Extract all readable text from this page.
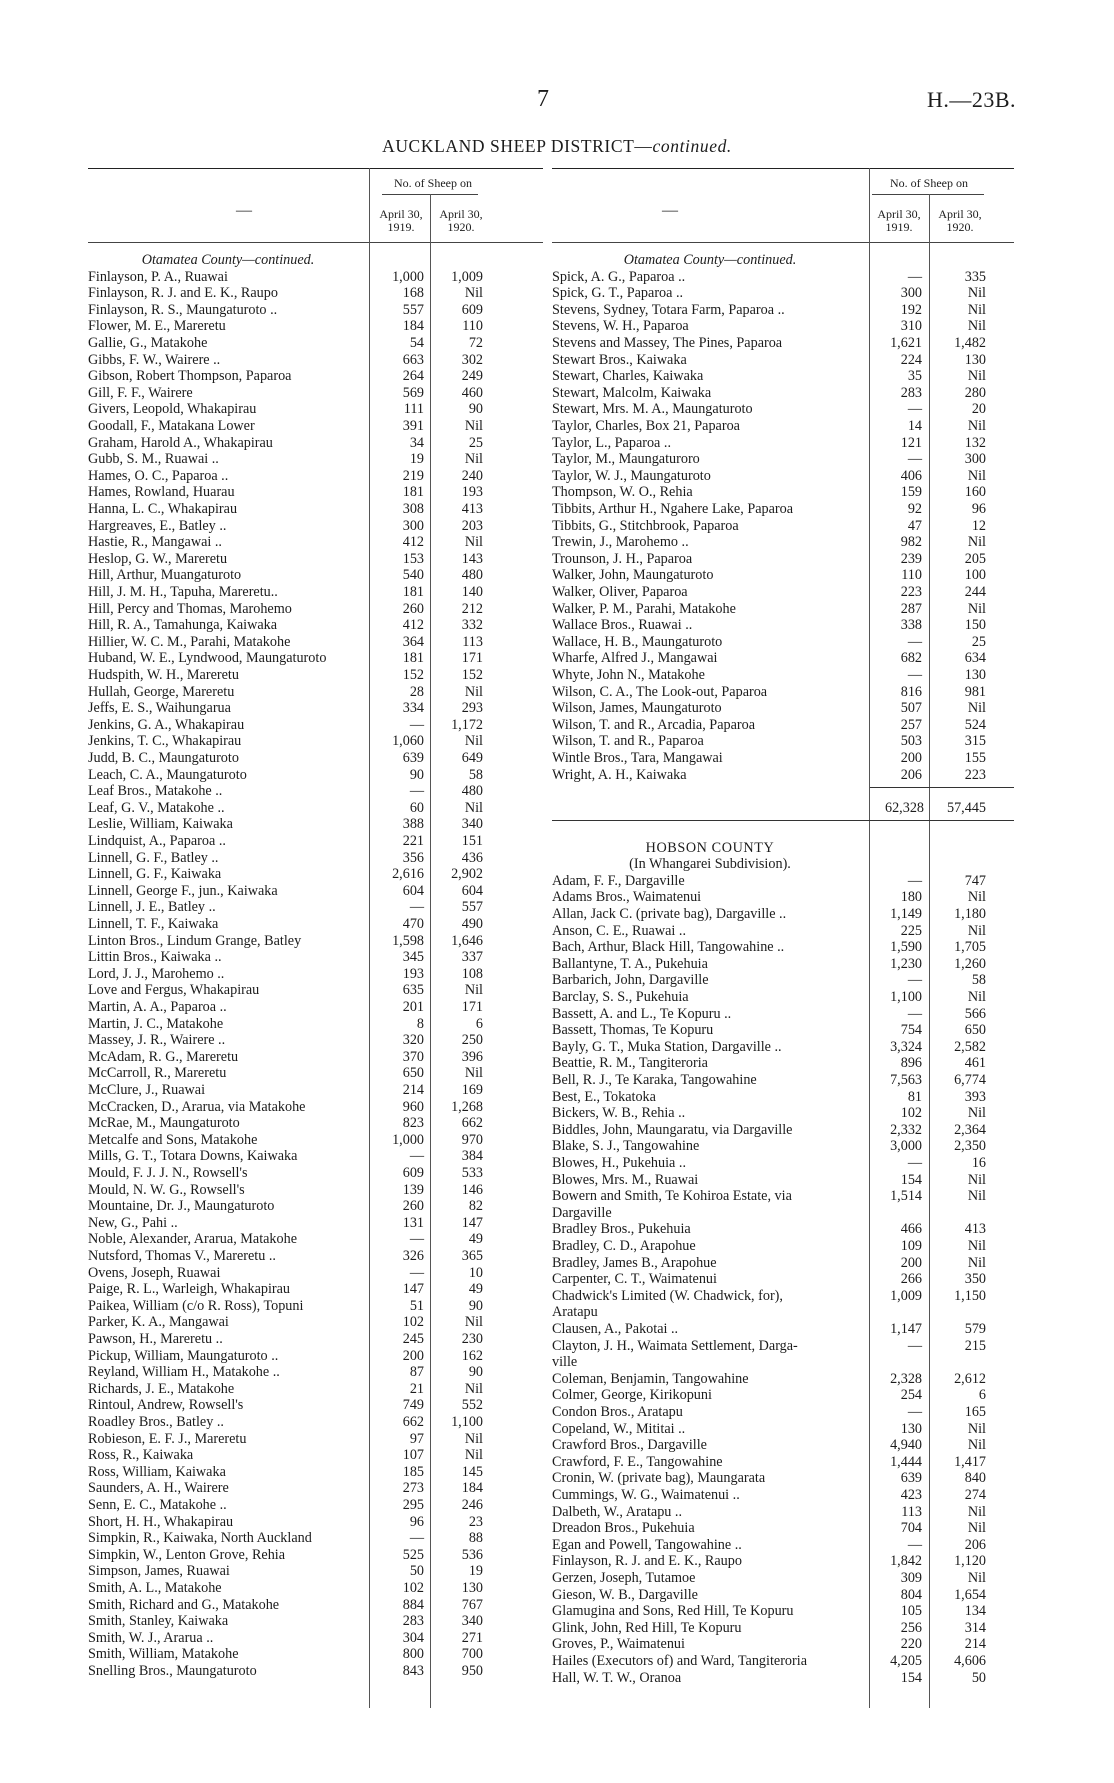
7	H.—23B.
AUCKLAND SHEEP DISTRICT—continued.
—
No. of Sheep on
April 30, 1919.
April 30, 1920.
Otamatea County—continued.
Finlayson, P. A., Ruawai	1,000	1,009
Finlayson, R. J. and E. K., Raupo	168	Nil
Finlayson, R. S., Maungaturoto ..	557	609
Flower, M. E., Mareretu	184	110
Gallie, G., Matakohe	54	72
Gibbs, F. W., Wairere ..	663	302
Gibson, Robert Thompson, Paparoa	264	249
Gill, F. F., Wairere	569	460
Givers, Leopold, Whakapirau	111	90
Goodall, F., Matakana Lower	391	Nil
Graham, Harold A., Whakapirau	34	25
Gubb, S. M., Ruawai ..	19	Nil
Hames, O. C., Paparoa ..	219	240
Hames, Rowland, Huarau	181	193
Hanna, L. C., Whakapirau	308	413
Hargreaves, E., Batley ..	300	203
Hastie, R., Mangawai ..	412	Nil
Heslop, G. W., Mareretu	153	143
Hill, Arthur, Muangaturoto	540	480
Hill, J. M. H., Tapuha, Mareretu..	181	140
Hill, Percy and Thomas, Marohemo	260	212
Hill, R. A., Tamahunga, Kaiwaka	412	332
Hillier, W. C. M., Parahi, Matakohe	364	113
Huband, W. E., Lyndwood, Maungaturoto	181	171
Hudspith, W. H., Mareretu	152	152
Hullah, George, Mareretu	28	Nil
Jeffs, E. S., Waihungarua	334	293
Jenkins, G. A., Whakapirau	—	1,172
Jenkins, T. C., Whakapirau	1,060	Nil
Judd, B. C., Maungaturoto	639	649
Leach, C. A., Maungaturoto	90	58
Leaf Bros., Matakohe ..	—	480
Leaf, G. V., Matakohe ..	60	Nil
Leslie, William, Kaiwaka	388	340
Lindquist, A., Paparoa ..	221	151
Linnell, G. F., Batley ..	356	436
Linnell, G. F., Kaiwaka	2,616	2,902
Linnell, George F., jun., Kaiwaka	604	604
Linnell, J. E., Batley ..	—	557
Linnell, T. F., Kaiwaka	470	490
Linton Bros., Lindum Grange, Batley	1,598	1,646
Littin Bros., Kaiwaka ..	345	337
Lord, J. J., Marohemo ..	193	108
Love and Fergus, Whakapirau	635	Nil
Martin, A. A., Paparoa ..	201	171
Martin, J. C., Matakohe	8	6
Massey, J. R., Wairere ..	320	250
McAdam, R. G., Mareretu	370	396
McCarroll, R., Mareretu	650	Nil
McClure, J., Ruawai	214	169
McCracken, D., Ararua, via Matakohe	960	1,268
McRae, M., Maungaturoto	823	662
Metcalfe and Sons, Matakohe	1,000	970
Mills, G. T., Totara Downs, Kaiwaka	—	384
Mould, F. J. J. N., Rowsell's	609	533
Mould, N. W. G., Rowsell's	139	146
Mountaine, Dr. J., Maungaturoto	260	82
New, G., Pahi ..	131	147
Noble, Alexander, Ararua, Matakohe	—	49
Nutsford, Thomas V., Mareretu ..	326	365
Ovens, Joseph, Ruawai	—	10
Paige, R. L., Warleigh, Whakapirau	147	49
Paikea, William (c/o R. Ross), Topuni	51	90
Parker, K. A., Mangawai	102	Nil
Pawson, H., Mareretu ..	245	230
Pickup, William, Maungaturoto ..	200	162
Reyland, William H., Matakohe ..	87	90
Richards, J. E., Matakohe	21	Nil
Rintoul, Andrew, Rowsell's	749	552
Roadley Bros., Batley ..	662	1,100
Robieson, E. F. J., Mareretu	97	Nil
Ross, R., Kaiwaka	107	Nil
Ross, William, Kaiwaka	185	145
Saunders, A. H., Wairere	273	184
Senn, E. C., Matakohe ..	295	246
Short, H. H., Whakapirau	96	23
Simpkin, R., Kaiwaka, North Auckland	—	88
Simpkin, W., Lenton Grove, Rehia	525	536
Simpson, James, Ruawai	50	19
Smith, A. L., Matakohe	102	130
Smith, Richard and G., Matakohe	884	767
Smith, Stanley, Kaiwaka	283	340
Smith, W. J., Ararua ..	304	271
Smith, William, Matakohe	800	700
Snelling Bros., Maungaturoto	843	950
—
No. of Sheep on
April 30, 1919.
April 30, 1920.
Otamatea County—continued.
Spick, A. G., Paparoa ..	—	335
Spick, G. T., Paparoa ..	300	Nil
Stevens, Sydney, Totara Farm, Paparoa ..	192	Nil
Stevens, W. H., Paparoa	310	Nil
Stevens and Massey, The Pines, Paparoa	1,621	1,482
Stewart Bros., Kaiwaka	224	130
Stewart, Charles, Kaiwaka	35	Nil
Stewart, Malcolm, Kaiwaka	283	280
Stewart, Mrs. M. A., Maungaturoto	—	20
Taylor, Charles, Box 21, Paparoa	14	Nil
Taylor, L., Paparoa ..	121	132
Taylor, M., Maungaturoro	—	300
Taylor, W. J., Maungaturoto	406	Nil
Thompson, W. O., Rehia	159	160
Tibbits, Arthur H., Ngahere Lake, Paparoa	92	96
Tibbits, G., Stitchbrook, Paparoa	47	12
Trewin, J., Marohemo ..	982	Nil
Trounson, J. H., Paparoa	239	205
Walker, John, Maungaturoto	110	100
Walker, Oliver, Paparoa	223	244
Walker, P. M., Parahi, Matakohe	287	Nil
Wallace Bros., Ruawai ..	338	150
Wallace, H. B., Maungaturoto	—	25
Wharfe, Alfred J., Mangawai	682	634
Whyte, John N., Matakohe	—	130
Wilson, C. A., The Look-out, Paparoa	816	981
Wilson, James, Maungaturoto	507	Nil
Wilson, T. and R., Arcadia, Paparoa	257	524
Wilson, T. and R., Paparoa	503	315
Wintle Bros., Tara, Mangawai	200	155
Wright, A. H., Kaiwaka	206	223
62,328	57,445
HOBSON COUNTY
(In Whangarei Subdivision).
Adam, F. F., Dargaville	—	747
Adams Bros., Waimatenui	180	Nil
Allan, Jack C. (private bag), Dargaville ..	1,149	1,180
Anson, C. E., Ruawai ..	225	Nil
Bach, Arthur, Black Hill, Tangowahine ..	1,590	1,705
Ballantyne, T. A., Pukehuia	1,230	1,260
Barbarich, John, Dargaville	—	58
Barclay, S. S., Pukehuia	1,100	Nil
Bassett, A. and L., Te Kopuru ..	—	566
Bassett, Thomas, Te Kopuru	754	650
Bayly, G. T., Muka Station, Dargaville ..	3,324	2,582
Beattie, R. M., Tangiteroria	896	461
Bell, R. J., Te Karaka, Tangowahine	7,563	6,774
Best, E., Tokatoka	81	393
Bickers, W. B., Rehia ..	102	Nil
Biddles, John, Maungaratu, via Dargaville	2,332	2,364
Blake, S. J., Tangowahine	3,000	2,350
Blowes, H., Pukehuia ..	—	16
Blowes, Mrs. M., Ruawai	154	Nil
Bowern and Smith, Te Kohiroa Estate, via	1,514	Nil
Dargaville
Bradley Bros., Pukehuia	466	413
Bradley, C. D., Arapohue	109	Nil
Bradley, James B., Arapohue	200	Nil
Carpenter, C. T., Waimatenui	266	350
Chadwick's Limited (W. Chadwick, for),	1,009	1,150
Aratapu
Clausen, A., Pakotai ..	1,147	579
Clayton, J. H., Waimata Settlement, Darga-	—	215
ville
Coleman, Benjamin, Tangowahine	2,328	2,612
Colmer, George, Kirikopuni	254	6
Condon Bros., Aratapu	—	165
Copeland, W., Mititai ..	130	Nil
Crawford Bros., Dargaville	4,940	Nil
Crawford, F. E., Tangowahine	1,444	1,417
Cronin, W. (private bag), Maungarata	639	840
Cummings, W. G., Waimatenui ..	423	274
Dalbeth, W., Aratapu ..	113	Nil
Dreadon Bros., Pukehuia	704	Nil
Egan and Powell, Tangowahine ..	—	206
Finlayson, R. J. and E. K., Raupo	1,842	1,120
Gerzen, Joseph, Tutamoe	309	Nil
Gieson, W. B., Dargaville	804	1,654
Glamugina and Sons, Red Hill, Te Kopuru	105	134
Glink, John, Red Hill, Te Kopuru	256	314
Groves, P., Waimatenui	220	214
Hailes (Executors of) and Ward, Tangiteroria	4,205	4,606
Hall, W. T. W., Oranoa	154	50
